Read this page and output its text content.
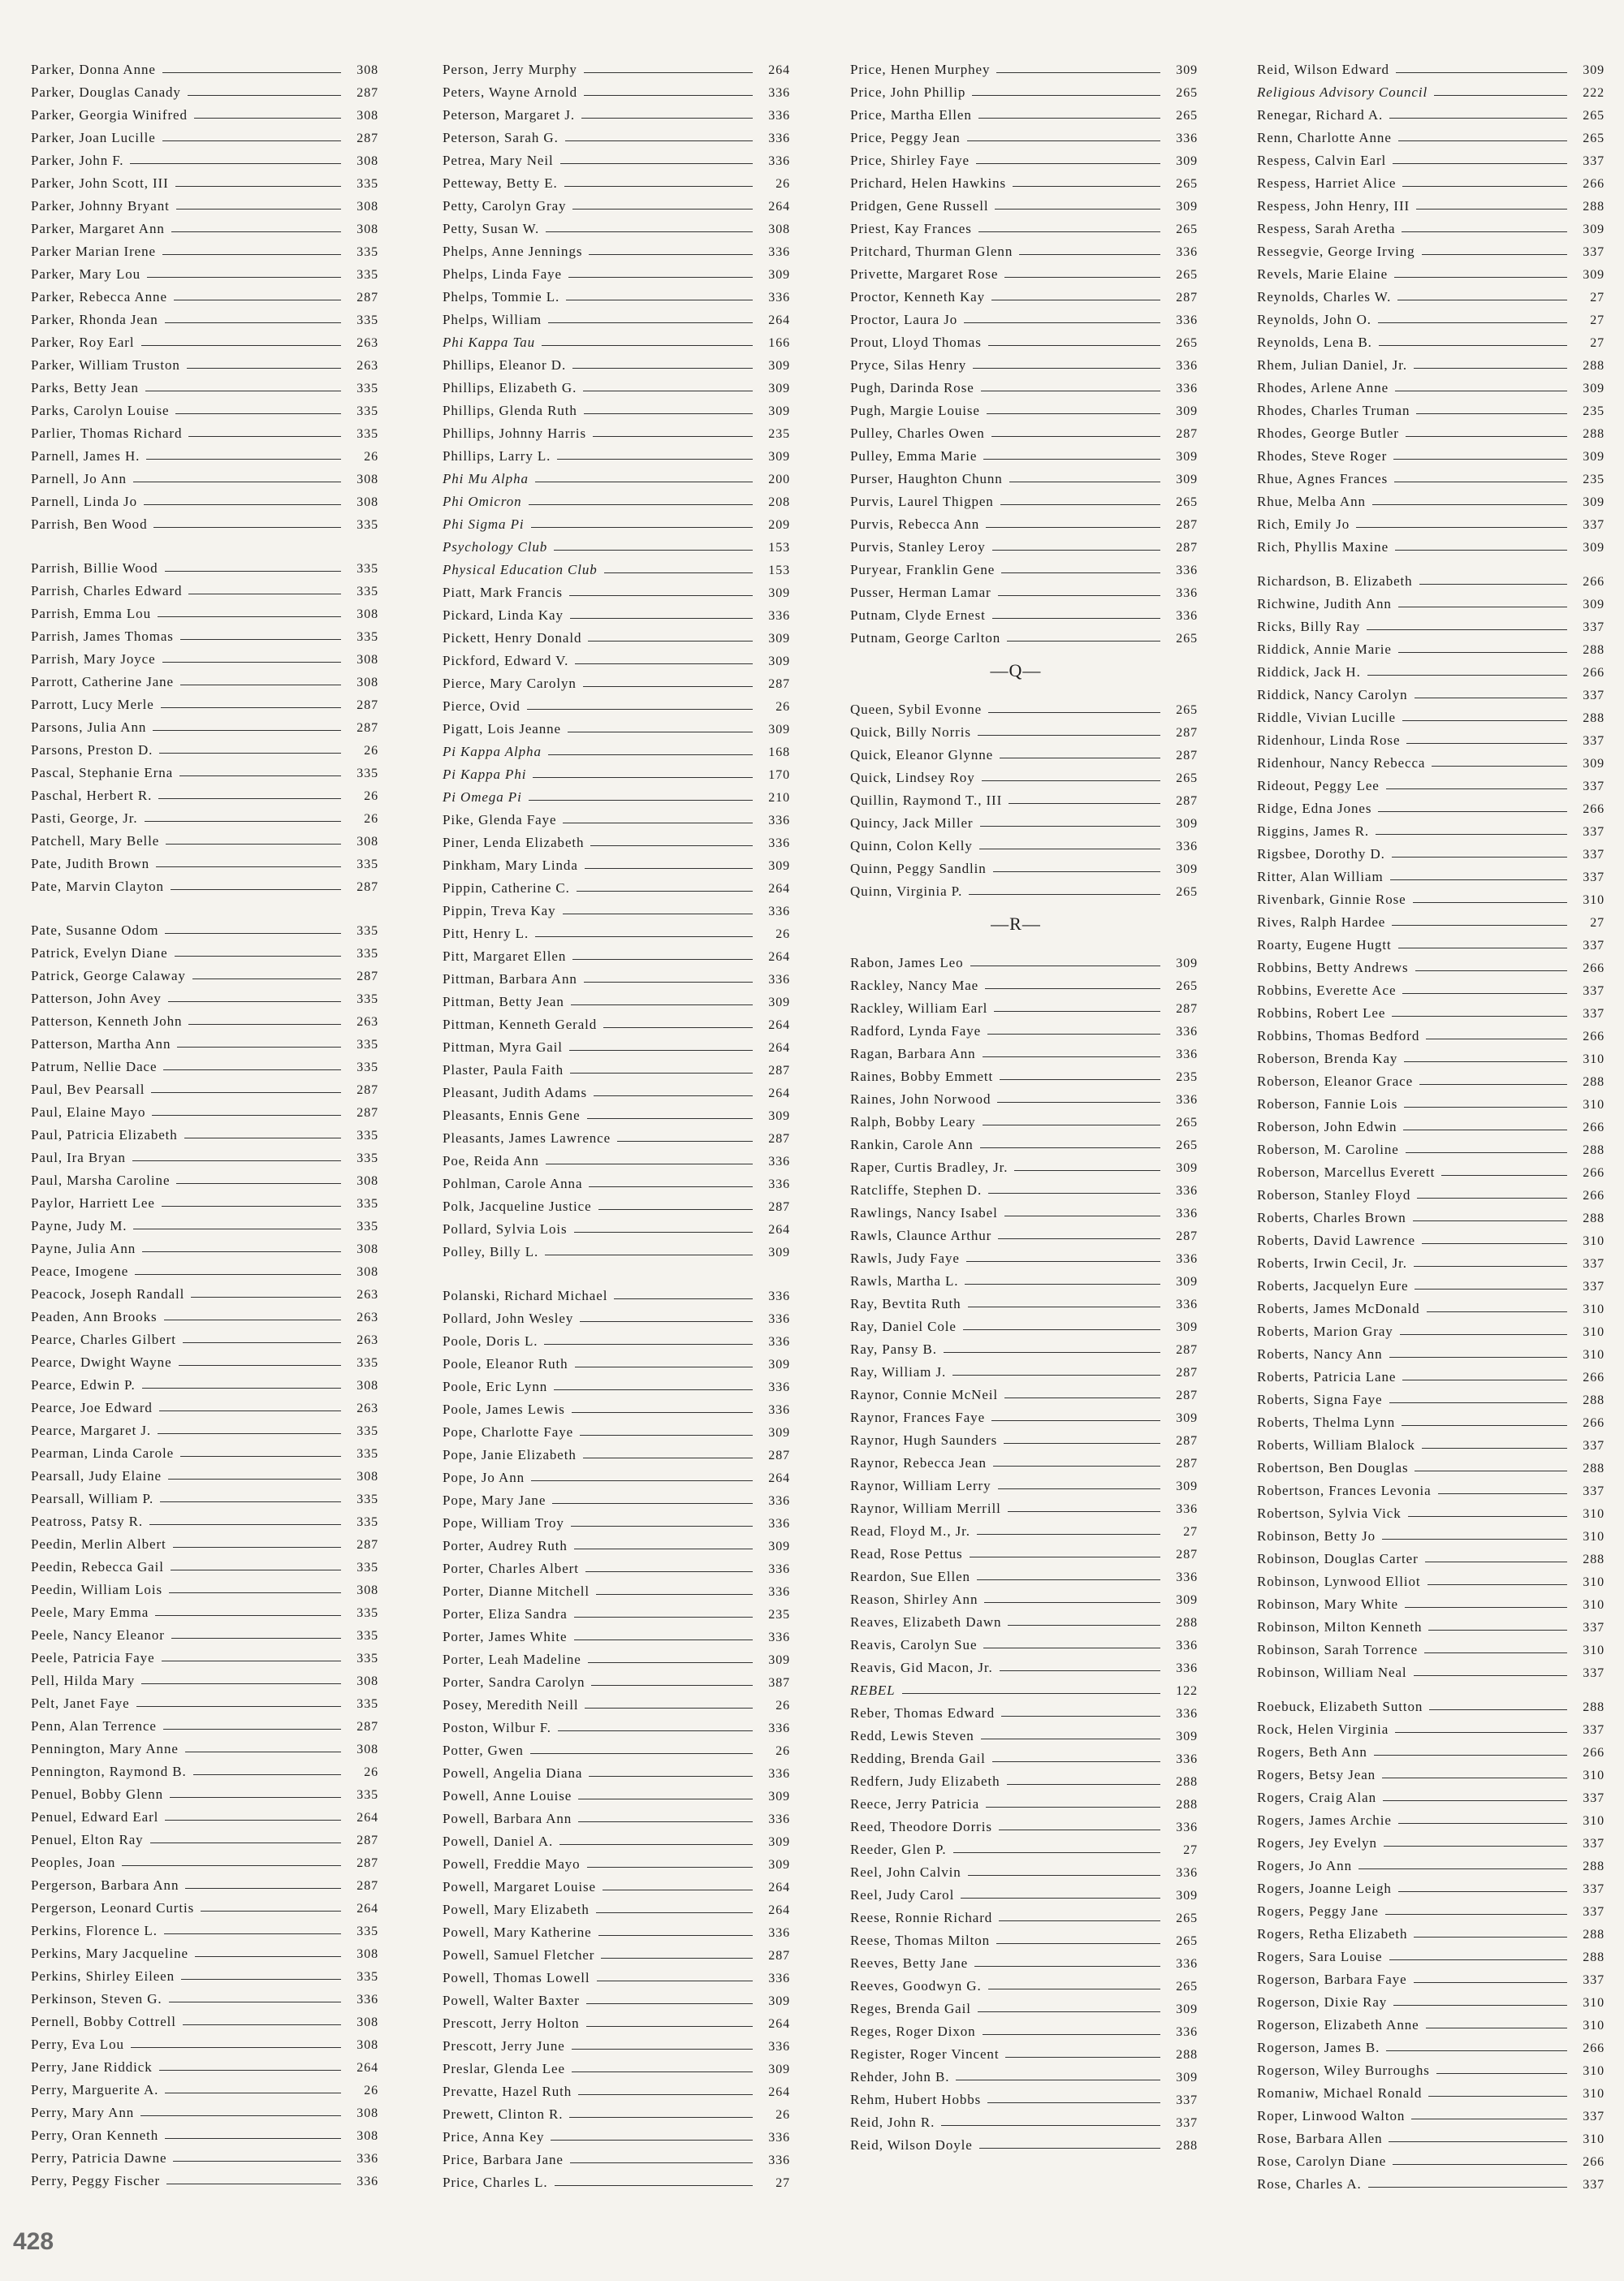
Parker, Donna Anne	308
Parker, Douglas Canady	287
Parker, Georgia Winifred	308
Parker, Joan Lucille	287
Parker, John F.	308
Parker, John Scott, III	335
Parker, Johnny Bryant	308
Parker, Margaret Ann	308
Parker Marian Irene	335
Parker, Mary Lou	335
Parker, Rebecca Anne	287
Parker, Rhonda Jean	335
Parker, Roy Earl	263
Parker, William Truston	263
Parks, Betty Jean	335
Parks, Carolyn Louise	335
Parlier, Thomas Richard	335
Parnell, James H.	26
Parnell, Jo Ann	308
Parnell, Linda Jo	308
Parrish, Ben Wood	335
Parrish, Billie Wood	335
Parrish, Charles Edward	335
Parrish, Emma Lou	308
Parrish, James Thomas	335
Parrish, Mary Joyce	308
Parrott, Catherine Jane	308
Parrott, Lucy Merle	287
Parsons, Julia Ann	287
Parsons, Preston D.	26
Pascal, Stephanie Erna	335
Paschal, Herbert R.	26
Pasti, George, Jr.	26
Patchell, Mary Belle	308
Pate, Judith Brown	335
Pate, Marvin Clayton	287
Pate, Susanne Odom	335
Patrick, Evelyn Diane	335
Patrick, George Calaway	287
Patterson, John Avey	335
Patterson, Kenneth John	263
Patterson, Martha Ann	335
Patrum, Nellie Dace	335
Paul, Bev Pearsall	287
Paul, Elaine Mayo	287
Paul, Patricia Elizabeth	335
Paul, Ira Bryan	335
Paul, Marsha Caroline	308
Paylor, Harriett Lee	335
Payne, Judy M.	335
Payne, Julia Ann	308
Peace, Imogene	308
Peacock, Joseph Randall	263
Peaden, Ann Brooks	263
Pearce, Charles Gilbert	263
Pearce, Dwight Wayne	335
Pearce, Edwin P.	308
Pearce, Joe Edward	263
Pearce, Margaret J.	335
Pearman, Linda Carole	335
Pearsall, Judy Elaine	308
Pearsall, William P.	335
Peatross, Patsy R.	335
Peedin, Merlin Albert	287
Peedin, Rebecca Gail	335
Peedin, William Lois	308
Peele, Mary Emma	335
Peele, Nancy Eleanor	335
Peele, Patricia Faye	335
Pell, Hilda Mary	308
Pelt, Janet Faye	335
Penn, Alan Terrence	287
Pennington, Mary Anne	308
Pennington, Raymond B.	26
Penuel, Bobby Glenn	335
Penuel, Edward Earl	264
Penuel, Elton Ray	287
Peoples, Joan	287
Pergerson, Barbara Ann	287
Pergerson, Leonard Curtis	264
Perkins, Florence L.	335
Perkins, Mary Jacqueline	308
Perkins, Shirley Eileen	335
Perkinson, Steven G.	336
Pernell, Bobby Cottrell	308
Perry, Eva Lou	308
Perry, Jane Riddick	264
Perry, Marguerite A.	26
Perry, Mary Ann	308
Perry, Oran Kenneth	308
Perry, Patricia Dawne	336
Perry, Peggy Fischer	336
Person, Jerry Murphy	264
Peters, Wayne Arnold	336
Peterson, Margaret J.	336
Peterson, Sarah G.	336
Petrea, Mary Neil	336
Petteway, Betty E.	26
Petty, Carolyn Gray	264
Petty, Susan W.	308
Phelps, Anne Jennings	336
Phelps, Linda Faye	309
Phelps, Tommie L.	336
Phelps, William	264
Phi Kappa Tau	166
Phillips, Eleanor D.	309
Phillips, Elizabeth G.	309
Phillips, Glenda Ruth	309
Phillips, Johnny Harris	235
Phillips, Larry L.	309
Phi Mu Alpha	200
Phi Omicron	208
Phi Sigma Pi	209
Psychology Club	153
Physical Education Club	153
Piatt, Mark Francis	309
Pickard, Linda Kay	336
Pickett, Henry Donald	309
Pickford, Edward V.	309
Pierce, Mary Carolyn	287
Pierce, Ovid	26
Pigatt, Lois Jeanne	309
Pi Kappa Alpha	168
Pi Kappa Phi	170
Pi Omega Pi	210
Pike, Glenda Faye	336
Piner, Lenda Elizabeth	336
Pinkham, Mary Linda	309
Pippin, Catherine C.	264
Pippin, Treva Kay	336
Pitt, Henry L.	26
Pitt, Margaret Ellen	264
Pittman, Barbara Ann	336
Pittman, Betty Jean	309
Pittman, Kenneth Gerald	264
Pittman, Myra Gail	264
Plaster, Paula Faith	287
Pleasant, Judith Adams	264
Pleasants, Ennis Gene	309
Pleasants, James Lawrence	287
Poe, Reida Ann	336
Pohlman, Carole Anna	336
Polk, Jacqueline Justice	287
Pollard, Sylvia Lois	264
Polley, Billy L.	309
Polanski, Richard Michael	336
Pollard, John Wesley	336
Poole, Doris L.	336
Poole, Eleanor Ruth	309
Poole, Eric Lynn	336
Poole, James Lewis	336
Pope, Charlotte Faye	309
Pope, Janie Elizabeth	287
Pope, Jo Ann	264
Pope, Mary Jane	336
Pope, William Troy	336
Porter, Audrey Ruth	309
Porter, Charles Albert	336
Porter, Dianne Mitchell	336
Porter, Eliza Sandra	235
Porter, James White	336
Porter, Leah Madeline	309
Porter, Sandra Carolyn	387
Posey, Meredith Neill	26
Poston, Wilbur F.	336
Potter, Gwen	26
Powell, Angelia Diana	336
Powell, Anne Louise	309
Powell, Barbara Ann	336
Powell, Daniel A.	309
Powell, Freddie Mayo	309
Powell, Margaret Louise	264
Powell, Mary Elizabeth	264
Powell, Mary Katherine	336
Powell, Samuel Fletcher	287
Powell, Thomas Lowell	336
Powell, Walter Baxter	309
Prescott, Jerry Holton	264
Prescott, Jerry June	336
Preslar, Glenda Lee	309
Prevatte, Hazel Ruth	264
Prewett, Clinton R.	26
Price, Anna Key	336
Price, Barbara Jane	336
Price, Charles L.	27
Price, Henen Murphey	309
Price, John Phillip	265
Price, Martha Ellen	265
Price, Peggy Jean	336
Price, Shirley Faye	309
Prichard, Helen Hawkins	265
Pridgen, Gene Russell	309
Priest, Kay Frances	265
Pritchard, Thurman Glenn	336
Privette, Margaret Rose	265
Proctor, Kenneth Kay	287
Proctor, Laura Jo	336
Prout, Lloyd Thomas	265
Pryce, Silas Henry	336
Pugh, Darinda Rose	336
Pugh, Margie Louise	309
Pulley, Charles Owen	287
Pulley, Emma Marie	309
Purser, Haughton Chunn	309
Purvis, Laurel Thigpen	265
Purvis, Rebecca Ann	287
Purvis, Stanley Leroy	287
Puryear, Franklin Gene	336
Pusser, Herman Lamar	336
Putnam, Clyde Ernest	336
Putnam, George Carlton	265
—Q—
Queen, Sybil Evonne	265
Quick, Billy Norris	287
Quick, Eleanor Glynne	287
Quick, Lindsey Roy	265
Quillin, Raymond T., III	287
Quincy, Jack Miller	309
Quinn, Colon Kelly	336
Quinn, Peggy Sandlin	309
Quinn, Virginia P.	265
—R—
Rabon, James Leo	309
Rackley, Nancy Mae	265
Rackley, William Earl	287
Radford, Lynda Faye	336
Ragan, Barbara Ann	336
Raines, Bobby Emmett	235
Raines, John Norwood	336
Ralph, Bobby Leary	265
Rankin, Carole Ann	265
Raper, Curtis Bradley, Jr.	309
Ratcliffe, Stephen D.	336
Rawlings, Nancy Isabel	336
Rawls, Claunce Arthur	287
Rawls, Judy Faye	336
Rawls, Martha L.	309
Ray, Bevtita Ruth	336
Ray, Daniel Cole	309
Ray, Pansy B.	287
Ray, William J.	287
Raynor, Connie McNeil	287
Raynor, Frances Faye	309
Raynor, Hugh Saunders	287
Raynor, Rebecca Jean	287
Raynor, William Lerry	309
Raynor, William Merrill	336
Read, Floyd M., Jr.	27
Read, Rose Pettus	287
Reardon, Sue Ellen	336
Reason, Shirley Ann	309
Reaves, Elizabeth Dawn	288
Reavis, Carolyn Sue	336
Reavis, Gid Macon, Jr.	336
REBEL	122
Reber, Thomas Edward	336
Redd, Lewis Steven	309
Redding, Brenda Gail	336
Redfern, Judy Elizabeth	288
Reece, Jerry Patricia	288
Reed, Theodore Dorris	336
Reeder, Glen P.	27
Reel, John Calvin	336
Reel, Judy Carol	309
Reese, Ronnie Richard	265
Reese, Thomas Milton	265
Reeves, Betty Jane	336
Reeves, Goodwyn G.	265
Reges, Brenda Gail	309
Reges, Roger Dixon	336
Register, Roger Vincent	288
Rehder, John B.	309
Rehm, Hubert Hobbs	337
Reid, John R.	337
Reid, Wilson Doyle	288
Reid, Wilson Edward	309
Religious Advisory Council	222
Renegar, Richard A.	265
Renn, Charlotte Anne	265
Respess, Calvin Earl	337
Respess, Harriet Alice	266
Respess, John Henry, III	288
Respess, Sarah Aretha	309
Ressegvie, George Irving	337
Revels, Marie Elaine	309
Reynolds, Charles W.	27
Reynolds, John O.	27
Reynolds, Lena B.	27
Rhem, Julian Daniel, Jr.	288
Rhodes, Arlene Anne	309
Rhodes, Charles Truman	235
Rhodes, George Butler	288
Rhodes, Steve Roger	309
Rhue, Agnes Frances	235
Rhue, Melba Ann	309
Rich, Emily Jo	337
Rich, Phyllis Maxine	309
Richardson, B. Elizabeth	266
Richwine, Judith Ann	309
Ricks, Billy Ray	337
Riddick, Annie Marie	288
Riddick, Jack H.	266
Riddick, Nancy Carolyn	337
Riddle, Vivian Lucille	288
Ridenhour, Linda Rose	337
Ridenhour, Nancy Rebecca	309
Rideout, Peggy Lee	337
Ridge, Edna Jones	266
Riggins, James R.	337
Rigsbee, Dorothy D.	337
Ritter, Alan William	337
Rivenbark, Ginnie Rose	310
Rives, Ralph Hardee	27
Roarty, Eugene Hugtt	337
Robbins, Betty Andrews	266
Robbins, Everette Ace	337
Robbins, Robert Lee	337
Robbins, Thomas Bedford	266
Roberson, Brenda Kay	310
Roberson, Eleanor Grace	288
Roberson, Fannie Lois	310
Roberson, John Edwin	266
Roberson, M. Caroline	288
Roberson, Marcellus Everett	266
Roberson, Stanley Floyd	266
Roberts, Charles Brown	288
Roberts, David Lawrence	310
Roberts, Irwin Cecil, Jr.	337
Roberts, Jacquelyn Eure	337
Roberts, James McDonald	310
Roberts, Marion Gray	310
Roberts, Nancy Ann	310
Roberts, Patricia Lane	266
Roberts, Signa Faye	288
Roberts, Thelma Lynn	266
Roberts, William Blalock	337
Robertson, Ben Douglas	288
Robertson, Frances Levonia	337
Robertson, Sylvia Vick	310
Robinson, Betty Jo	310
Robinson, Douglas Carter	288
Robinson, Lynwood Elliot	310
Robinson, Mary White	310
Robinson, Milton Kenneth	337
Robinson, Sarah Torrence	310
Robinson, William Neal	337
Roebuck, Elizabeth Sutton	288
Rock, Helen Virginia	337
Rogers, Beth Ann	266
Rogers, Betsy Jean	310
Rogers, Craig Alan	337
Rogers, James Archie	310
Rogers, Jey Evelyn	337
Rogers, Jo Ann	288
Rogers, Joanne Leigh	337
Rogers, Peggy Jane	337
Rogers, Retha Elizabeth	288
Rogers, Sara Louise	288
Rogerson, Barbara Faye	337
Rogerson, Dixie Ray	310
Rogerson, Elizabeth Anne	310
Rogerson, James B.	266
Rogerson, Wiley Burroughs	310
Romaniw, Michael Ronald	310
Roper, Linwood Walton	337
Rose, Barbara Allen	310
Rose, Carolyn Diane	266
Rose, Charles A.	337
428
